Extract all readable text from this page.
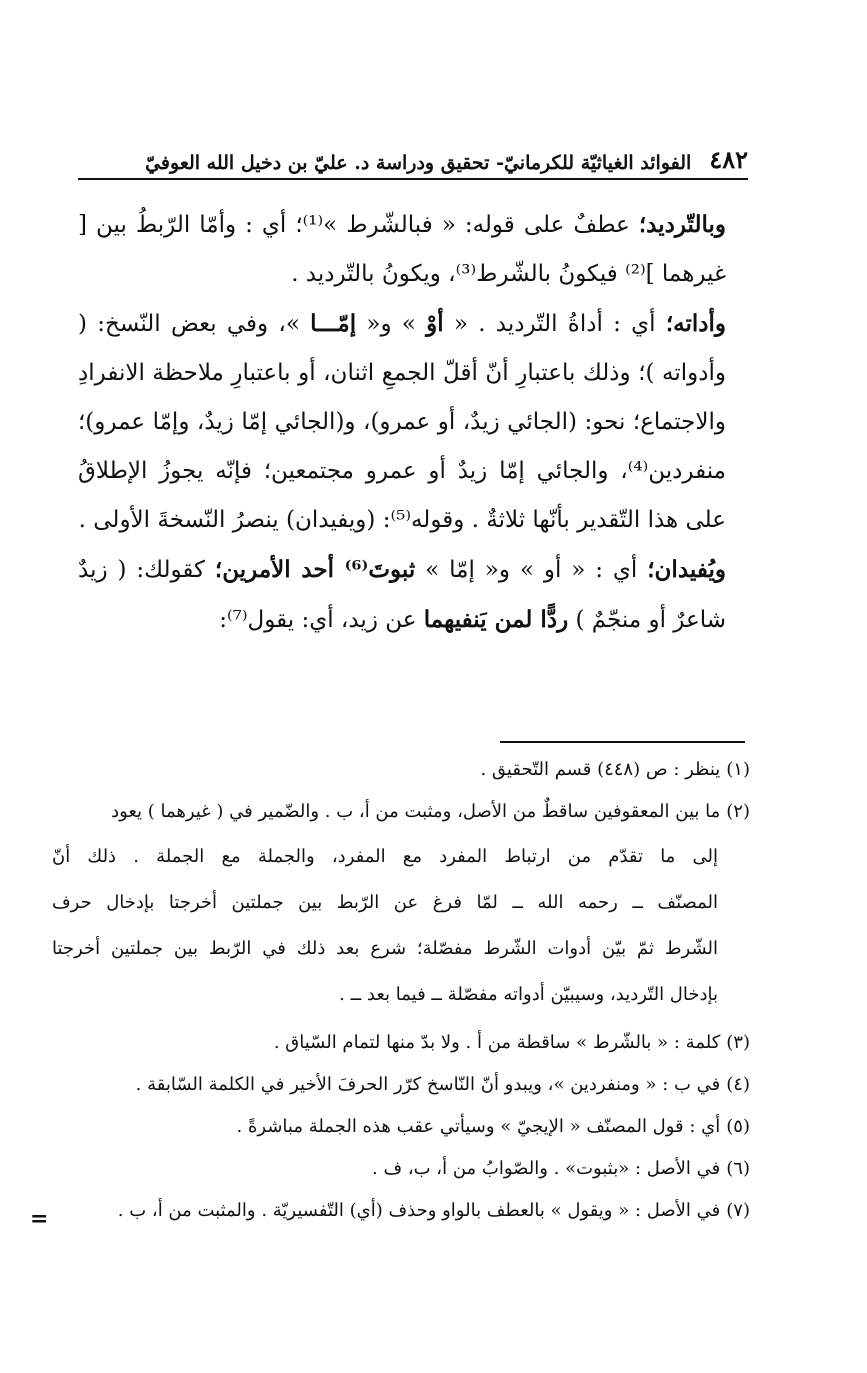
٤٨٢
الفوائد الغياثيّة للكرمانيّ- تحقيق ودراسة د. عليّ بن دخيل الله العوفيّ

وبالتّرديد؛ عطفٌ على قوله: « فبالشّرط »⁽¹⁾؛ أي : وأمّا الرّبطُ بين [ غيرهما ]⁽²⁾ فيكونُ بالشّرط⁽³⁾، ويكونُ بالتّرديد .

وأداته؛ أي : أداةُ التّرديد . « أوْ » و« إمّـــا »، وفي بعض النّسخ: ( وأدواته )؛ وذلك باعتبارِ أنّ أقلّ الجمعِ اثنان، أو باعتبارِ ملاحظة الانفرادِ والاجتماع؛ نحو: (الجائي زيدٌ، أو عمرو)، و(الجائي إمّا زيدٌ، وإمّا عمرو)؛ منفردين⁽⁴⁾، والجائي إمّا زيدٌ أو عمرو مجتمعين؛ فإنّه يجوزُ الإطلاقُ على هذا التّقدير بأنّها ثلاثةٌ . وقوله⁽⁵⁾: (ويفيدان) ينصرُ النّسخةَ الأولى .

ويُفيدان؛ أي : « أو » و« إمّا » ثبوتَ⁽⁶⁾ أحد الأمرين؛ كقولك: ( زيدٌ شاعرٌ أو منجّمٌ ) ردًّا لمن يَنفيهما عن زيد، أي: يقول⁽⁷⁾:

(١)
ينظر : ص (٤٤٨) قسم التّحقيق .
(٢)
ما بين المعقوفين ساقطٌ من الأصل، ومثبت من أ، ب . والضّمير في ( غيرهما ) يعود
إلى ما تقدّم من ارتباط المفرد مع المفرد، والجملة مع الجملة . ذلك أنّ
المصنّف ــ رحمه الله ــ لمّا فرغ عن الرّبط بين جملتين أخرجتا بإدخال حرف
الشّرط ثمّ بيّن أدوات الشّرط مفصّلة؛ شرع بعد ذلك في الرّبط بين جملتين أخرجتا
بإدخال التّرديد، وسيبيّن أدواته مفصّلة ــ فيما بعد ــ .
(٣)
كلمة : « بالشّرط » ساقطة من أ . ولا بدّ منها لتمام السّياق .
(٤)
في ب : « ومنفردين »، ويبدو أنّ النّاسخ كرّر الحرفَ الأخير في الكلمة السّابقة .
(٥)
أي : قول المصنّف « الإيجيّ » وسيأتي عقب هذه الجملة مباشرةً .
(٦)
في الأصل : «بثبوت» . والصّوابُ من أ، ب، ف .
(٧)
في الأصل : « ويقول » بالعطف بالواو وحذف (أي) التّفسيريّة . والمثبت من أ، ب .
=
